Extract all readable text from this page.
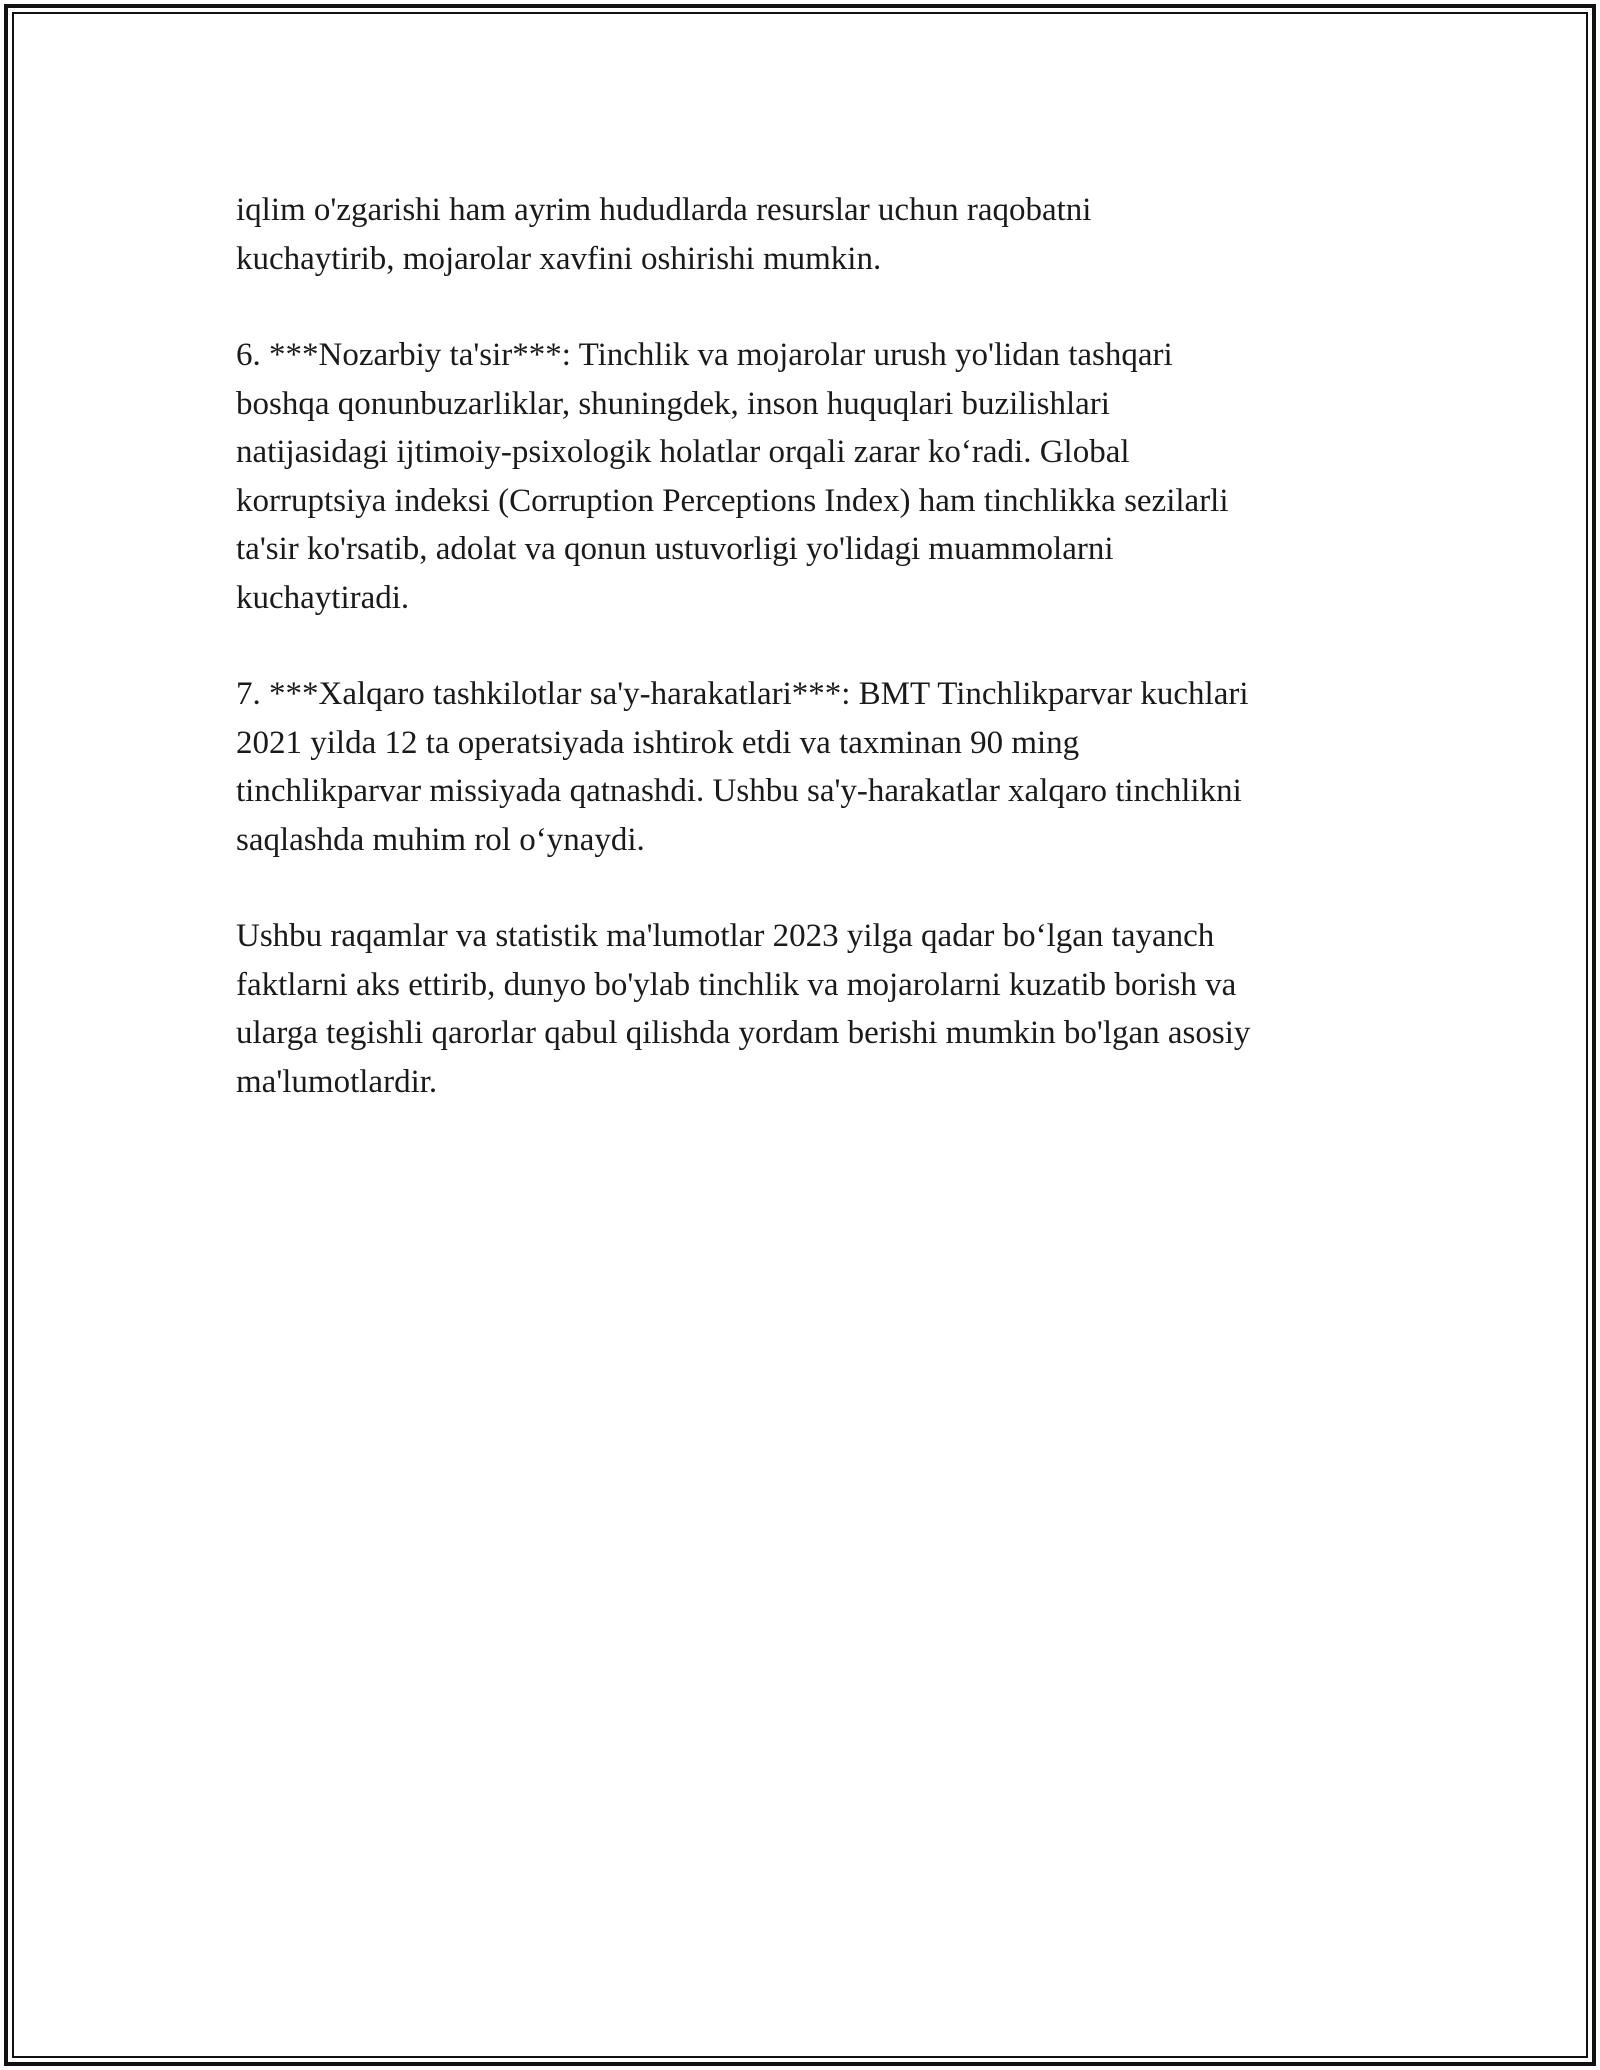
iqlim o'zgarishi ham ayrim hududlarda resurslar uchun raqobatni
kuchaytirib, mojarolar xavfini oshirishi mumkin.

6. ***Nozarbiy ta'sir***: Tinchlik va mojarolar urush yo'lidan tashqari
boshqa qonunbuzarliklar, shuningdek, inson huquqlari buzilishlari
natijasidagi ijtimoiy-psixologik holatlar orqali zarar ko‘radi. Global
korruptsiya indeksi (Corruption Perceptions Index) ham tinchlikka sezilarli
ta'sir ko'rsatib, adolat va qonun ustuvorligi yo'lidagi muammolarni
kuchaytiradi.

7. ***Xalqaro tashkilotlar sa'y-harakatlari***: BMT Tinchlikparvar kuchlari
2021 yilda 12 ta operatsiyada ishtirok etdi va taxminan 90 ming
tinchlikparvar missiyada qatnashdi. Ushbu sa'y-harakatlar xalqaro tinchlikni
saqlashda muhim rol o‘ynaydi.

Ushbu raqamlar va statistik ma'lumotlar 2023 yilga qadar bo‘lgan tayanch
faktlarni aks ettirib, dunyo bo'ylab tinchlik va mojarolarni kuzatib borish va
ularga tegishli qarorlar qabul qilishda yordam berishi mumkin bo'lgan asosiy
ma'lumotlardir.
